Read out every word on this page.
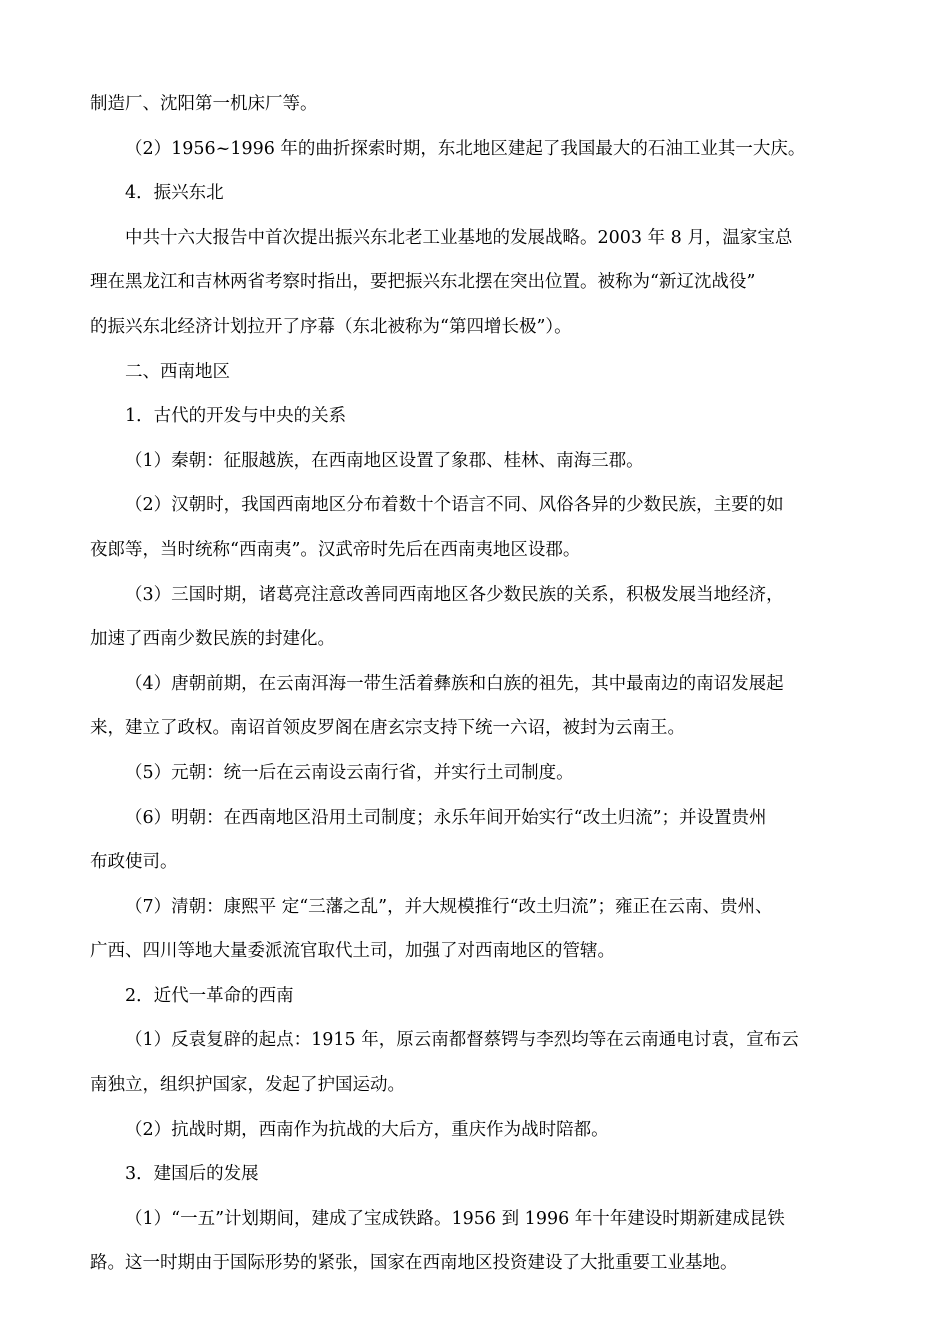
制造厂、沈阳第一机床厂等。
（2）1956~1996 年的曲折探索时期，东北地区建起了我国最大的石油工业其一大庆。
4．振兴东北
中共十六大报告中首次提出振兴东北老工业基地的发展战略。2003 年 8 月，温家宝总
理在黑龙江和吉林两省考察时指出，要把振兴东北摆在突出位置。被称为“新辽沈战役”
的振兴东北经济计划拉开了序幕（东北被称为“第四增长极”）。
二、西南地区
1．古代的开发与中央的关系
（1）秦朝：征服越族，在西南地区设置了象郡、桂林、南海三郡。
（2）汉朝时，我国西南地区分布着数十个语言不同、风俗各异的少数民族，主要的如
夜郎等，当时统称“西南夷”。汉武帝时先后在西南夷地区设郡。
（3）三国时期，诸葛亮注意改善同西南地区各少数民族的关系，积极发展当地经济，
加速了西南少数民族的封建化。
（4）唐朝前期，在云南洱海一带生活着彝族和白族的祖先，其中最南边的南诏发展起
来，建立了政权。南诏首领皮罗阁在唐玄宗支持下统一六诏，被封为云南王。
（5）元朝：统一后在云南设云南行省，并实行土司制度。
（6）明朝：在西南地区沿用土司制度；永乐年间开始实行“改土归流”；并设置贵州
布政使司。
（7）清朝：康熙平 定“三藩之乱”，并大规模推行“改土归流”；雍正在云南、贵州、
广西、四川等地大量委派流官取代土司，加强了对西南地区的管辖。
2．近代一革命的西南
（1）反袁复辟的起点：1915 年，原云南都督蔡锷与李烈均等在云南通电讨袁，宣布云
南独立，组织护国家，发起了护国运动。
（2）抗战时期，西南作为抗战的大后方，重庆作为战时陪都。
3．建国后的发展
（1）“一五”计划期间，建成了宝成铁路。1956 到 1996 年十年建设时期新建成昆铁
路。这一时期由于国际形势的紧张，国家在西南地区投资建设了大批重要工业基地。
